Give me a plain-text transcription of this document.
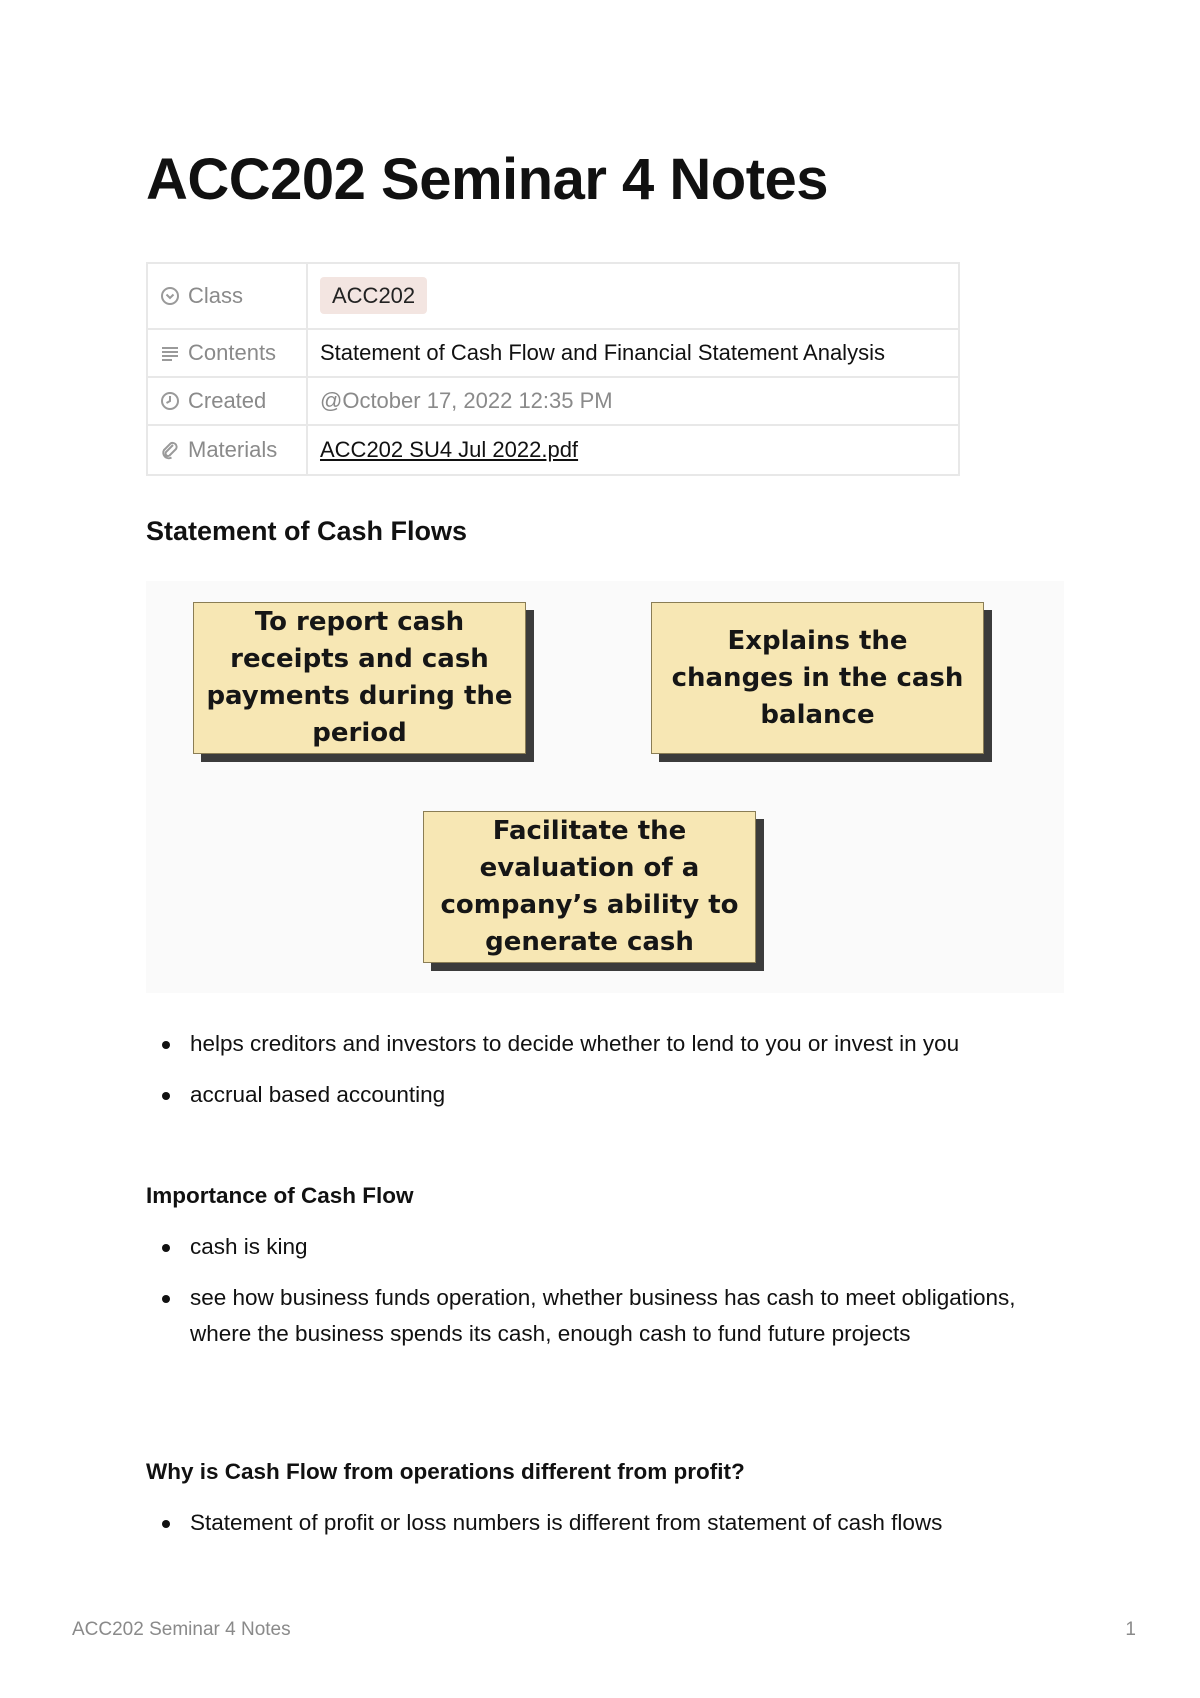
ACC202 Seminar 4 Notes
Class	ACC202
Contents	Statement of Cash Flow and Financial Statement Analysis
Created	@October 17, 2022 12:35 PM
Materials	ACC202 SU4 Jul 2022.pdf
Statement of Cash Flows
To report cash receipts and cash payments during the period
Explains the changes in the cash balance
Facilitate the evaluation of a company’s ability to generate cash
helps creditors and investors to decide whether to lend to you or invest in you
accrual based accounting
Importance of Cash Flow
cash is king
see how business funds operation, whether business has cash to meet obligations, where the business spends its cash, enough cash to fund future projects
Why is Cash Flow from operations different from profit?
Statement of profit or loss numbers is different from statement of cash flows
ACC202 Seminar 4 Notes	1
